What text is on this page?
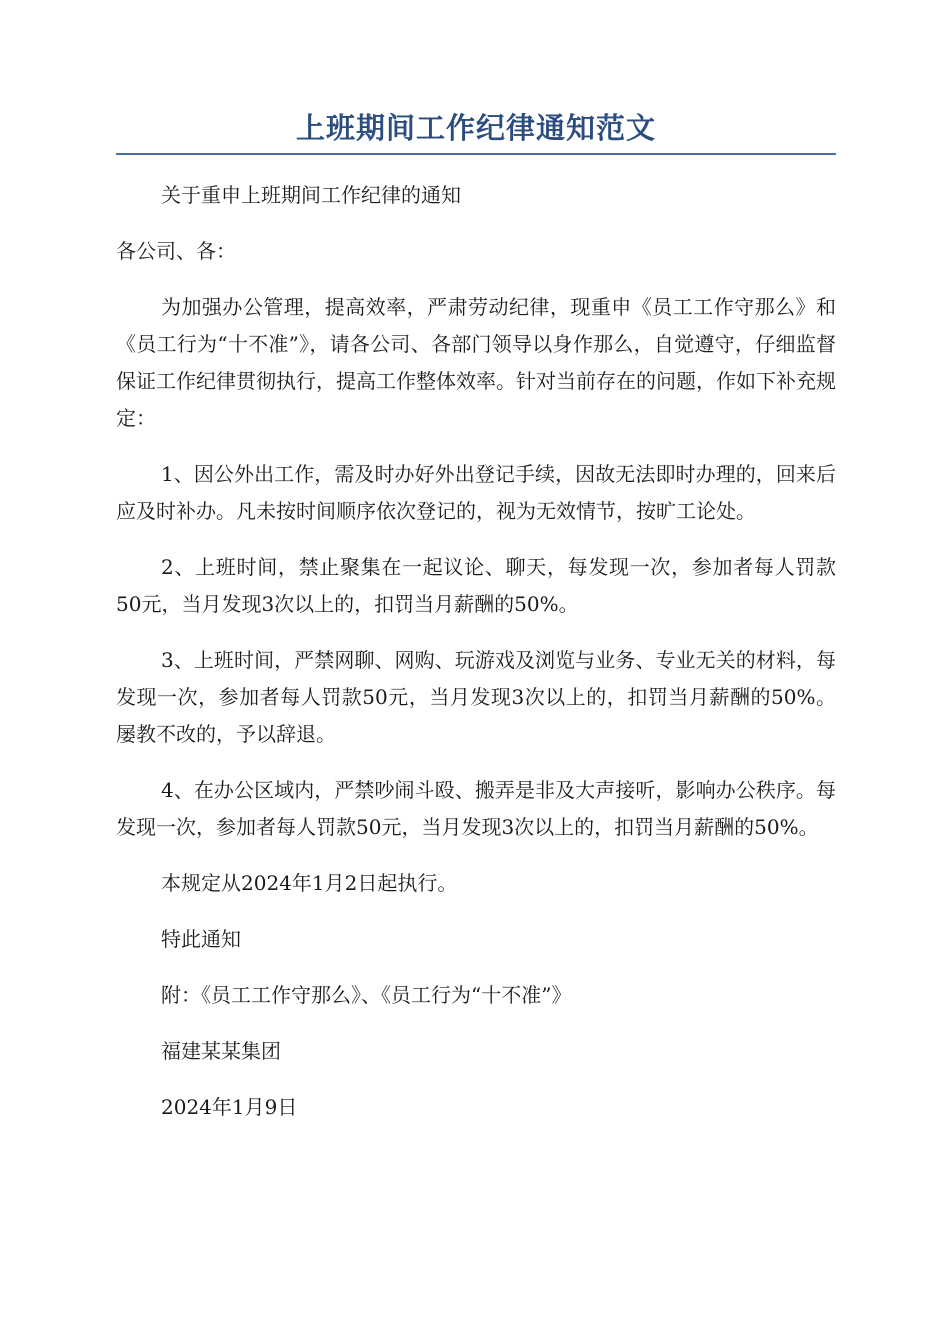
上班期间工作纪律通知范文

关于重申上班期间工作纪律的通知

各公司、各：

为加强办公管理，提高效率，严肃劳动纪律，现重申《员工工作守那么》和《员工行为“十不准”》，请各公司、各部门领导以身作那么，自觉遵守，仔细监督保证工作纪律贯彻执行，提高工作整体效率。针对当前存在的问题，作如下补充规定：

1、因公外出工作，需及时办好外出登记手续，因故无法即时办理的，回来后应及时补办。凡未按时间顺序依次登记的，视为无效情节，按旷工论处。

2、上班时间，禁止聚集在一起议论、聊天，每发现一次，参加者每人罚款50元，当月发现3次以上的，扣罚当月薪酬的50%。

3、上班时间，严禁网聊、网购、玩游戏及浏览与业务、专业无关的材料，每发现一次，参加者每人罚款50元，当月发现3次以上的，扣罚当月薪酬的50%。屡教不改的，予以辞退。

4、在办公区域内，严禁吵闹斗殴、搬弄是非及大声接听，影响办公秩序。每发现一次，参加者每人罚款50元，当月发现3次以上的，扣罚当月薪酬的50%。

本规定从2024年1月2日起执行。

特此通知

附：《员工工作守那么》、《员工行为“十不准”》

福建某某集团

2024年1月9日
